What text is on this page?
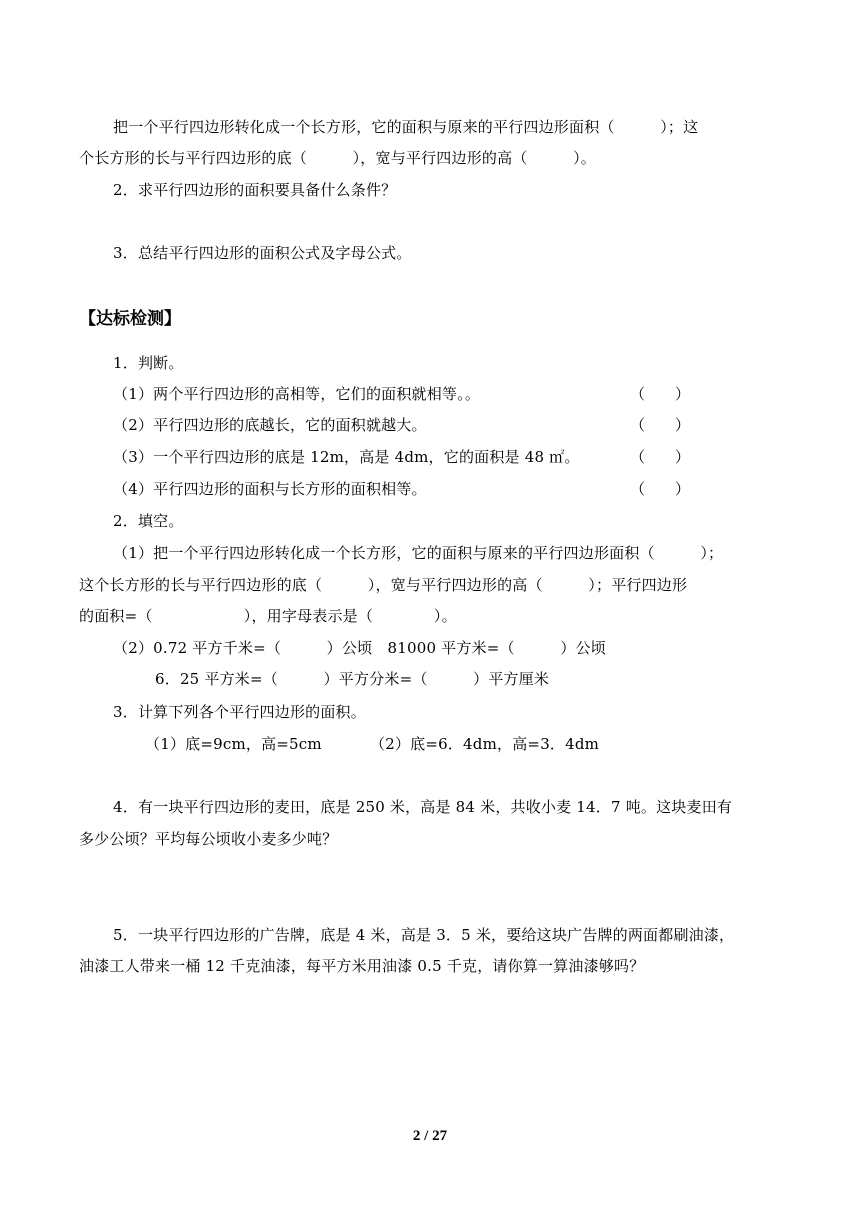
把一个平行四边形转化成一个长方形，它的面积与原来的平行四边形面积（　　　）；这
个长方形的长与平行四边形的底（　　　），宽与平行四边形的高（　　　）。
2．求平行四边形的面积要具备什么条件？
3．总结平行四边形的面积公式及字母公式。
【达标检测】
1．判断。
（1）两个平行四边形的高相等，它们的面积就相等。。	（　　）
（2）平行四边形的底越长，它的面积就越大。	（　　）
（3）一个平行四边形的底是 12m，高是 4dm，它的面积是 48 ㎡。	（　　）
（4）平行四边形的面积与长方形的面积相等。	（　　）
2．填空。
（1）把一个平行四边形转化成一个长方形，它的面积与原来的平行四边形面积（　　　）；
这个长方形的长与平行四边形的底（　　　），宽与平行四边形的高（　　　）；平行四边形
的面积=（　　　　　　），用字母表示是（　　　　）。
（2）0.72 平方千米=（　　　）公顷　81000 平方米=（　　　）公顷
6．25 平方米=（　　　）平方分米=（　　　）平方厘米
3．计算下列各个平行四边形的面积。
（1）底=9cm，高=5cm	（2）底=6．4dm，高=3．4dm
4．有一块平行四边形的麦田，底是 250 米，高是 84 米，共收小麦 14．7 吨。这块麦田有
多少公顷？平均每公顷收小麦多少吨？
5．一块平行四边形的广告牌，底是 4 米，高是 3．5 米，要给这块广告牌的两面都刷油漆，
油漆工人带来一桶 12 千克油漆，每平方米用油漆 0.5 千克，请你算一算油漆够吗？
2 / 27
